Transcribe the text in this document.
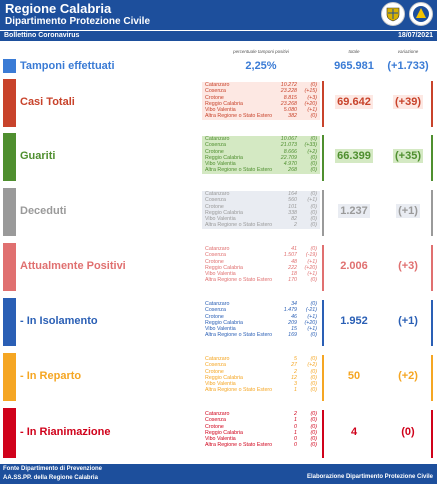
Regione Calabria
Dipartimento Protezione Civile
Bollettino Coronavirus	18/07/2021
percentuale tamponi positivi	totale	variazione
Tamponi effettuati	2,25%	965.981	(+1.733)
Casi Totali
Catanzaro	10.272	(0)
Cosenza	23.228	(+15)
Crotone	8.815	(+3)
Reggio Calabria	23.268	(+20)
Vibo Valentia	5.080	(+1)
Altra Regione o Stato Estero	382	(0)
69.642	(+39)
Guariti
Catanzaro	10.067	(0)
Cosenza	21.073	(+33)
Crotone	8.666	(+2)
Reggio Calabria	22.709	(0)
Vibo Valentia	4.970	(0)
Altra Regione o Stato Estero	268	(0)
66.399	(+35)
Deceduti
Catanzaro	164	(0)
Cosenza	560	(+1)
Crotone	101	(0)
Reggio Calabria	338	(0)
Vibo Valentia	82	(0)
Altra Regione o Stato Estero	2	(0)
1.237	(+1)
Attualmente Positivi
Catanzaro	41	(0)
Cosenza	1.507	(-19)
Crotone	48	(+1)
Reggio Calabria	222	(+20)
Vibo Valentia	18	(+1)
Altra Regione o Stato Estero	170	(0)
2.006	(+3)
- In Isolamento
Catanzaro	34	(0)
Cosenza	1.479	(-21)
Crotone	46	(+1)
Reggio Calabria	209	(+20)
Vibo Valentia	15	(+1)
Altra Regione o Stato Estero	169	(0)
1.952	(+1)
- In Reparto
Catanzaro	5	(0)
Cosenza	27	(+2)
Crotone	2	(0)
Reggio Calabria	12	(0)
Vibo Valentia	3	(0)
Altra Regione o Stato Estero	1	(0)
50	(+2)
- In Rianimazione
Catanzaro	2	(0)
Cosenza	1	(0)
Crotone	0	(0)
Reggio Calabria	1	(0)
Vibo Valentia	0	(0)
Altra Regione o Stato Estero	0	(0)
4	(0)
Fonte Dipartimento di Prevenzione
AA.SS.PP. della Regione Calabria	Elaborazione Dipartimento Protezione Civile
